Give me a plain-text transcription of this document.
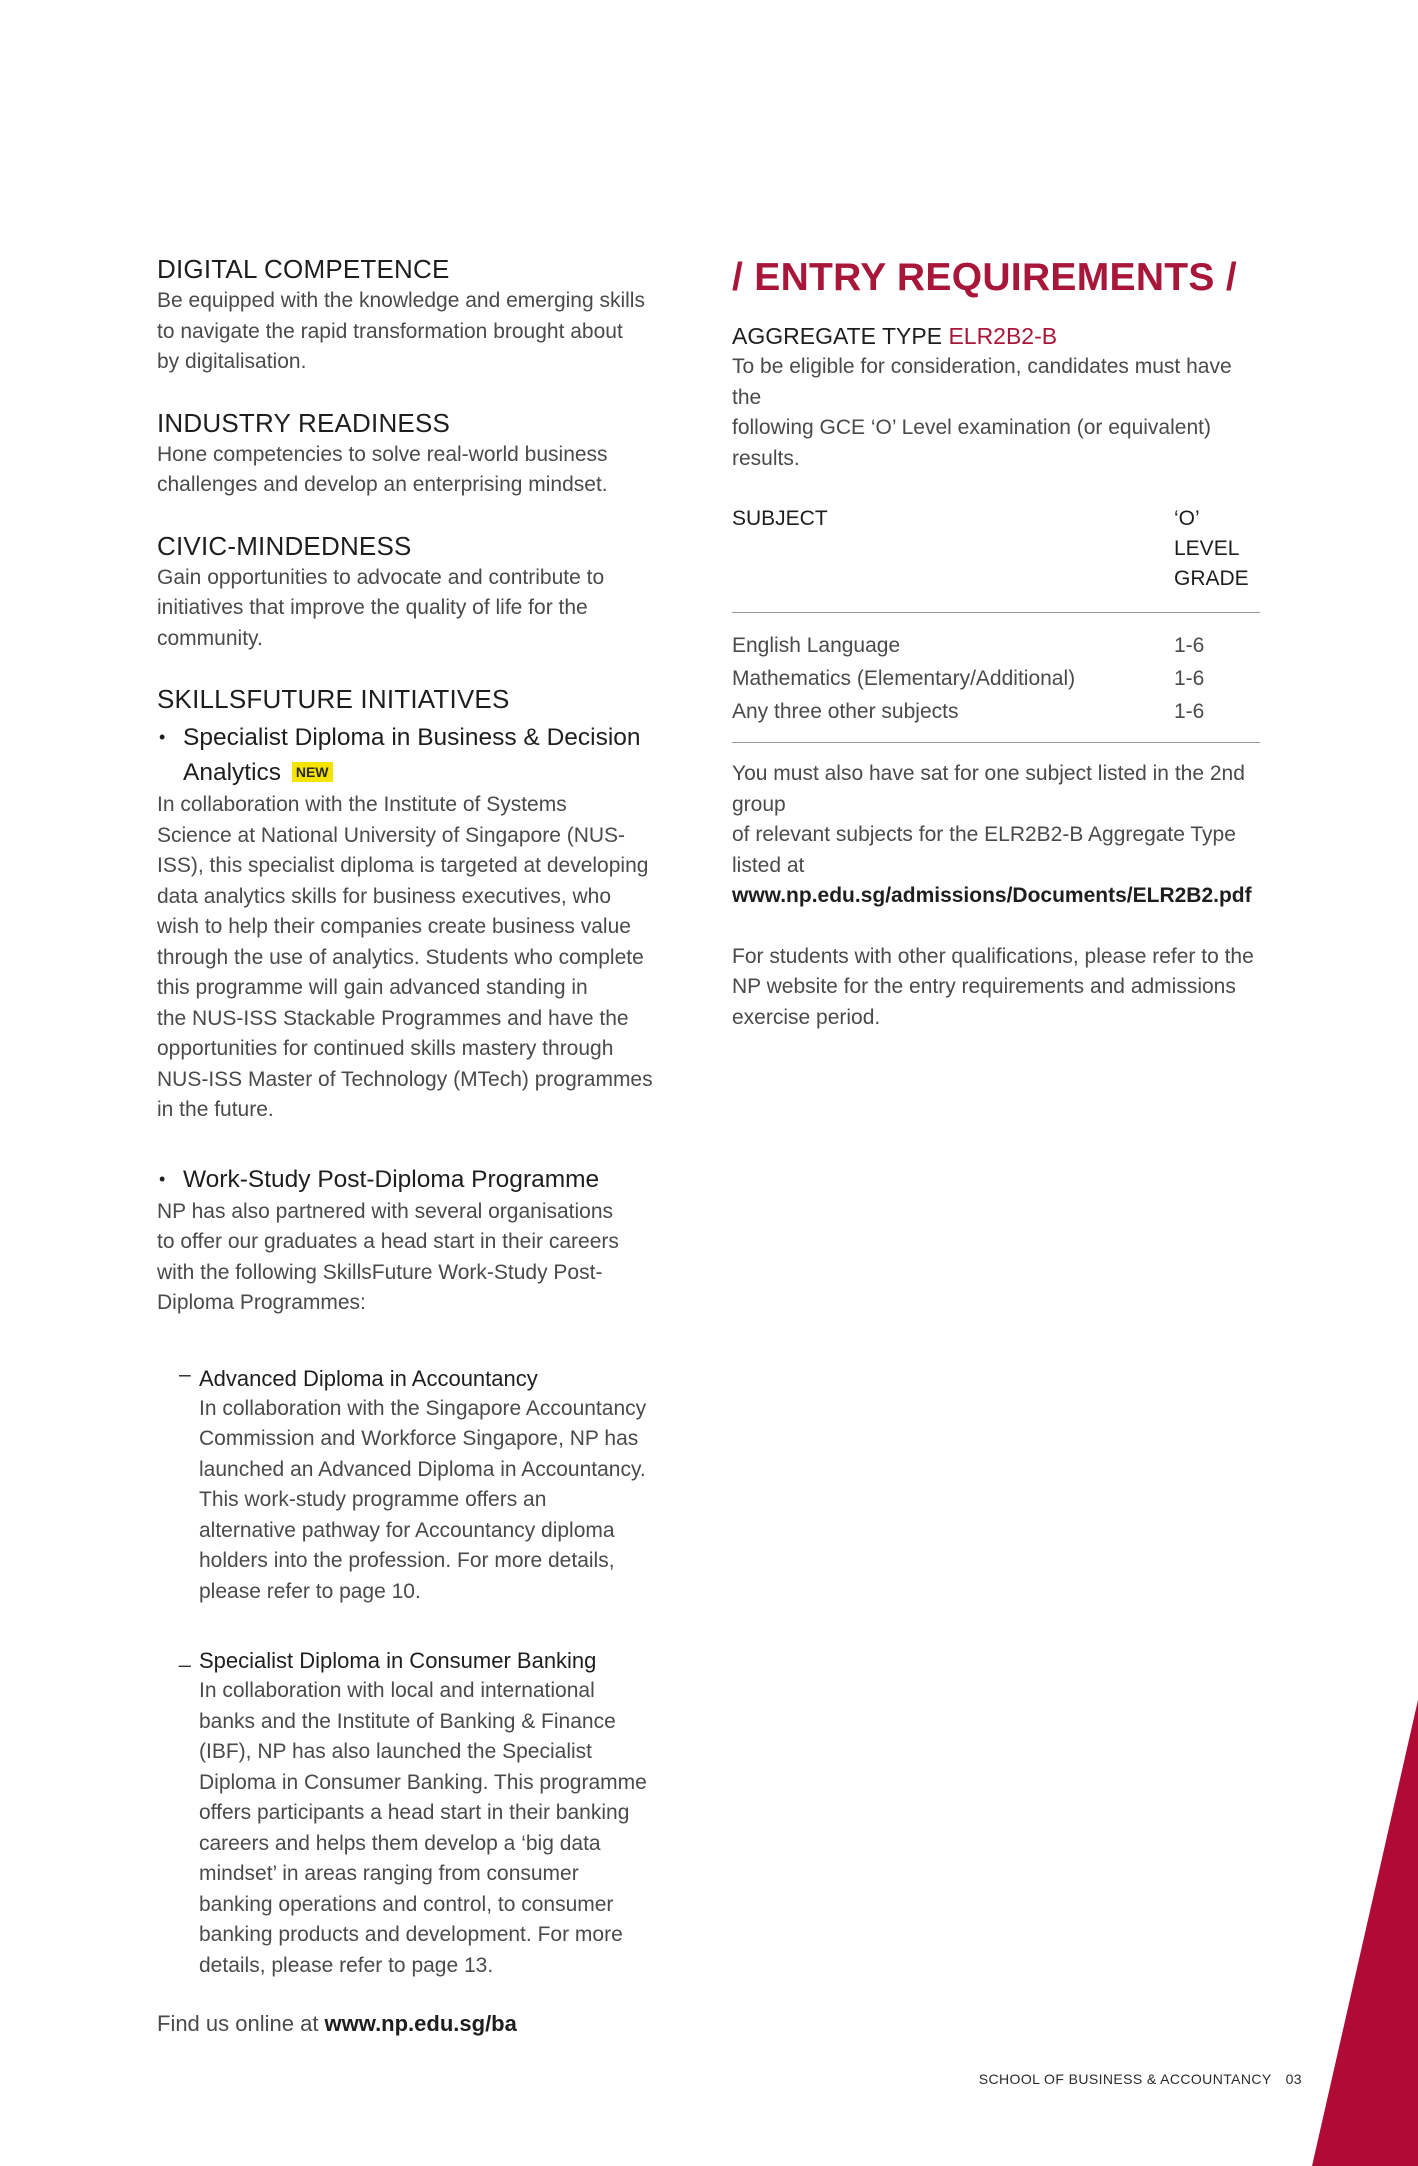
DIGITAL COMPETENCE

Be equipped with the knowledge and emerging skills
to navigate the rapid transformation brought about
by digitalisation.

INDUSTRY READINESS

Hone competencies to solve real-world business
challenges and develop an enterprising mindset.

CIVIC-MINDEDNESS

Gain opportunities to advocate and contribute to
initiatives that improve the quality of life for the
community.

SKILLSFUTURE INITIATIVES
• Specialist Diploma in Business & Decision
Analytics NEW

In collaboration with the Institute of Systems
Science at National University of Singapore (NUS-
ISS), this specialist diploma is targeted at developing
data analytics skills for business executives, who
wish to help their companies create business value
through the use of analytics. Students who complete
this programme will gain advanced standing in
the NUS-ISS Stackable Programmes and have the
opportunities for continued skills mastery through
NUS-ISS Master of Technology (MTech) programmes
in the future.

• Work-Study Post-Diploma Programme

NP has also partnered with several organisations
to offer our graduates a head start in their careers
with the following SkillsFuture Work-Study Post-
Diploma Programmes:

– Advanced Diploma in Accountancy

In collaboration with the Singapore Accountancy
Commission and Workforce Singapore, NP has
launched an Advanced Diploma in Accountancy.
This work-study programme offers an
alternative pathway for Accountancy diploma
holders into the profession. For more details,
please refer to page 10.

_ Specialist Diploma in Consumer Banking

In collaboration with local and international
banks and the Institute of Banking & Finance
(IBF), NP has also launched the Specialist
Diploma in Consumer Banking. This programme
offers participants a head start in their banking
careers and helps them develop a ‘big data
mindset’ in areas ranging from consumer
banking operations and control, to consumer
banking products and development. For more
details, please refer to page 13.

Find us online at www.np.edu.sg/ba

/ ENTRY REQUIREMENTS /

AGGREGATE TYPE ELR2B2-B

To be eligible for consideration, candidates must have the
following GCE ‘O’ Level examination (or equivalent) results.

SUBJECT	‘O’ LEVEL
GRADE
English Language	1-6
Mathematics (Elementary/Additional)	1-6
Any three other subjects	1-6

You must also have sat for one subject listed in the 2nd group
of relevant subjects for the ELR2B2-B Aggregate Type listed at
www.np.edu.sg/admissions/Documents/ELR2B2.pdf

For students with other qualifications, please refer to the
NP website for the entry requirements and admissions
exercise period.

SCHOOL OF BUSINESS & ACCOUNTANCY 03
